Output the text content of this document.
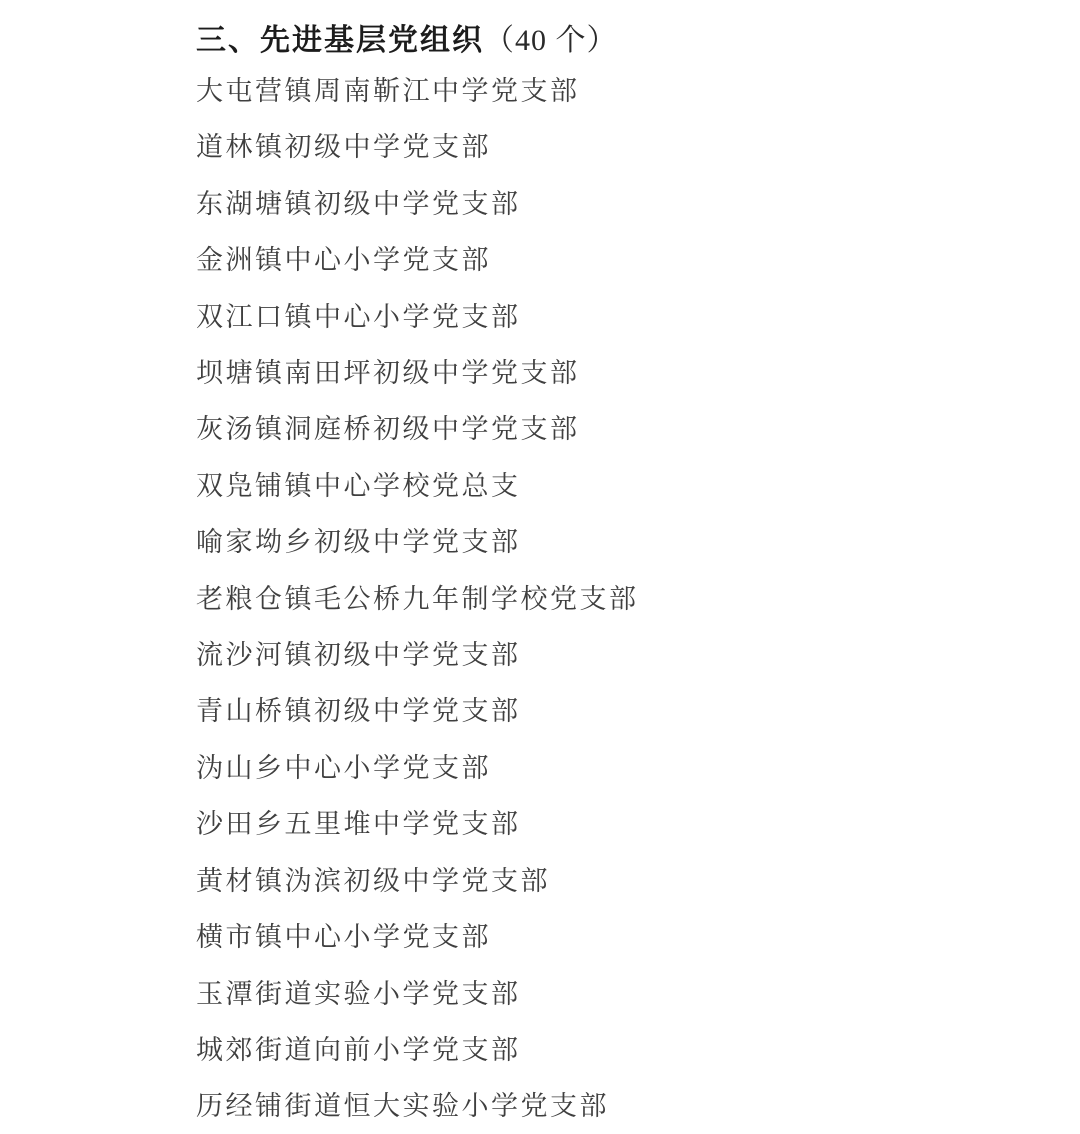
三、先进基层党组织（40 个）
大屯营镇周南靳江中学党支部
道林镇初级中学党支部
东湖塘镇初级中学党支部
金洲镇中心小学党支部
双江口镇中心小学党支部
坝塘镇南田坪初级中学党支部
灰汤镇洞庭桥初级中学党支部
双凫铺镇中心学校党总支
喻家坳乡初级中学党支部
老粮仓镇毛公桥九年制学校党支部
流沙河镇初级中学党支部
青山桥镇初级中学党支部
沩山乡中心小学党支部
沙田乡五里堆中学党支部
黄材镇沩滨初级中学党支部
横市镇中心小学党支部
玉潭街道实验小学党支部
城郊街道向前小学党支部
历经铺街道恒大实验小学党支部
